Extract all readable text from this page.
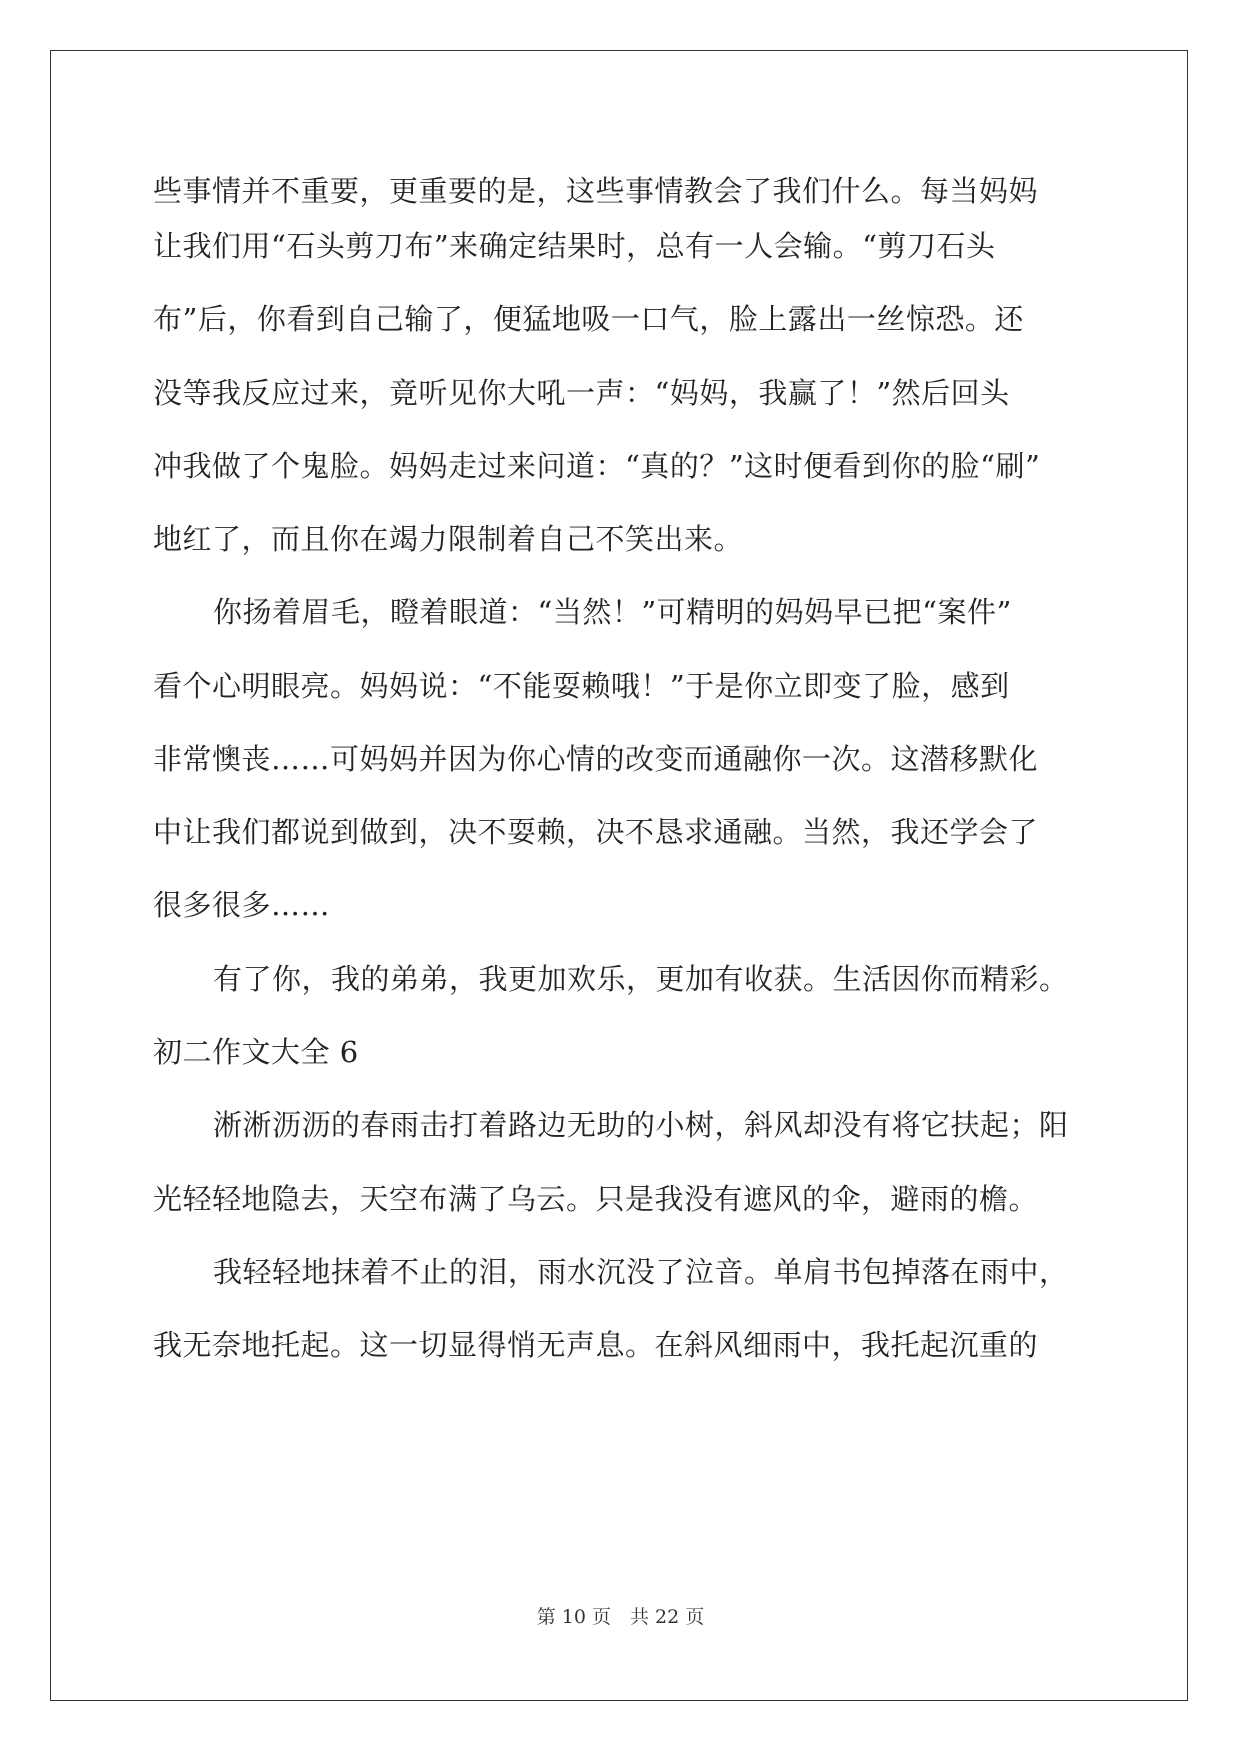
些事情并不重要，更重要的是，这些事情教会了我们什么。每当妈妈
让我们用“石头剪刀布”来确定结果时，总有一人会输。“剪刀石头
布”后，你看到自己输了，便猛地吸一口气，脸上露出一丝惊恐。还
没等我反应过来，竟听见你大吼一声：“妈妈，我赢了！”然后回头
冲我做了个鬼脸。妈妈走过来问道：“真的？”这时便看到你的脸“刷”
地红了，而且你在竭力限制着自己不笑出来。
你扬着眉毛，瞪着眼道：“当然！”可精明的妈妈早已把“案件”
看个心明眼亮。妈妈说：“不能耍赖哦！”于是你立即变了脸，感到
非常懊丧……可妈妈并因为你心情的改变而通融你一次。这潜移默化
中让我们都说到做到，决不耍赖，决不恳求通融。当然，我还学会了
很多很多……
有了你，我的弟弟，我更加欢乐，更加有收获。生活因你而精彩。
初二作文大全 6
淅淅沥沥的春雨击打着路边无助的小树，斜风却没有将它扶起；阳
光轻轻地隐去，天空布满了乌云。只是我没有遮风的伞，避雨的檐。
我轻轻地抹着不止的泪，雨水沉没了泣音。单肩书包掉落在雨中，
我无奈地托起。这一切显得悄无声息。在斜风细雨中，我托起沉重的
第 10 页　共 22 页
